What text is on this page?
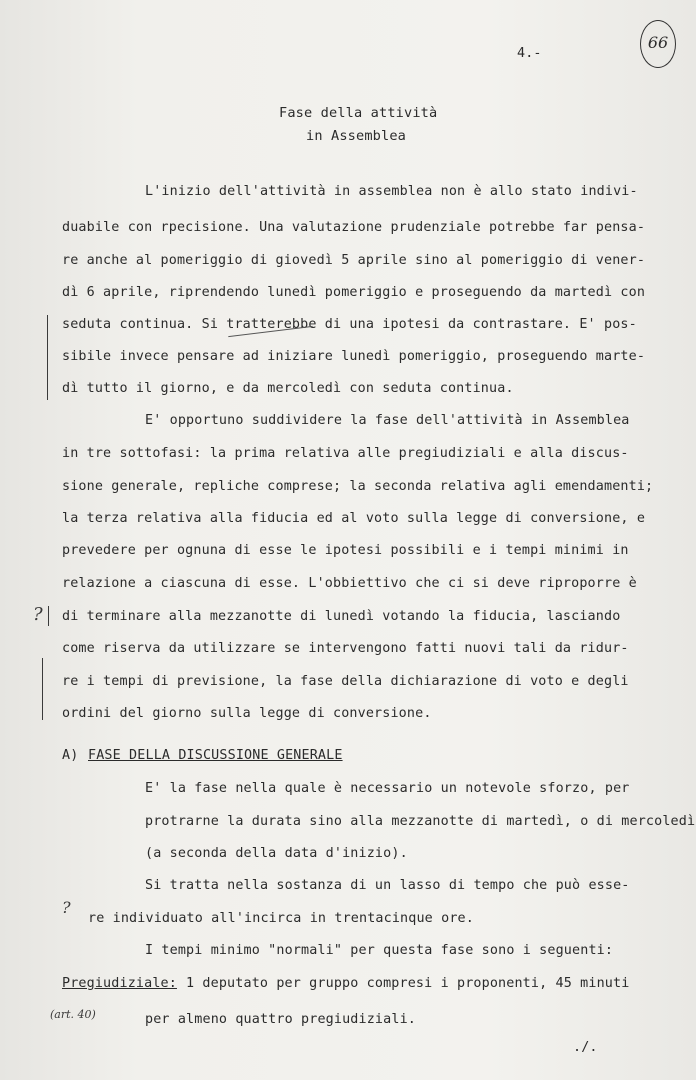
4.-
66
Fase della attività
in Assemblea
L'inizio dell'attività in assemblea non è allo stato indivi-
duabile con rpecisione. Una valutazione prudenziale potrebbe far pensa-
re anche al pomeriggio di giovedì 5 aprile sino al pomeriggio di vener-
dì 6 aprile, riprendendo lunedì pomeriggio e proseguendo da martedì con
seduta continua. Si tratterebbe di una ipotesi da contrastare. E' pos-
sibile invece pensare ad iniziare lunedì pomeriggio, proseguendo marte-
dì tutto il giorno, e da mercoledì con seduta continua.
E' opportuno suddividere la fase dell'attività in Assemblea
in tre sottofasi: la prima relativa alle pregiudiziali e alla discus-
sione generale, repliche comprese; la seconda relativa agli emendamenti;
la terza relativa alla fiducia ed al voto sulla legge di conversione, e
prevedere per ognuna di esse le ipotesi possibili e i tempi minimi in
relazione a ciascuna di esse. L'obbiettivo che ci si deve riproporre è
di terminare alla mezzanotte di lunedì votando la fiducia, lasciando
come riserva da utilizzare se intervengono fatti nuovi tali da ridur-
re i tempi di previsione, la fase della dichiarazione di voto e degli
ordini del giorno sulla legge di conversione.
A) FASE DELLA DISCUSSIONE GENERALE
E' la fase nella quale è necessario un notevole sforzo, per
protrarne la durata sino alla mezzanotte di martedì, o di mercoledì
(a seconda della data d'inizio).
Si tratta nella sostanza di un lasso di tempo che può esse-
re individuato all'incirca in trentacinque ore.
I tempi minimo "normali" per questa fase sono i seguenti:
Pregiudiziale: 1 deputato per gruppo compresi i proponenti, 45 minuti
per almeno quattro pregiudiziali.
./.
?
?
(art. 40)
